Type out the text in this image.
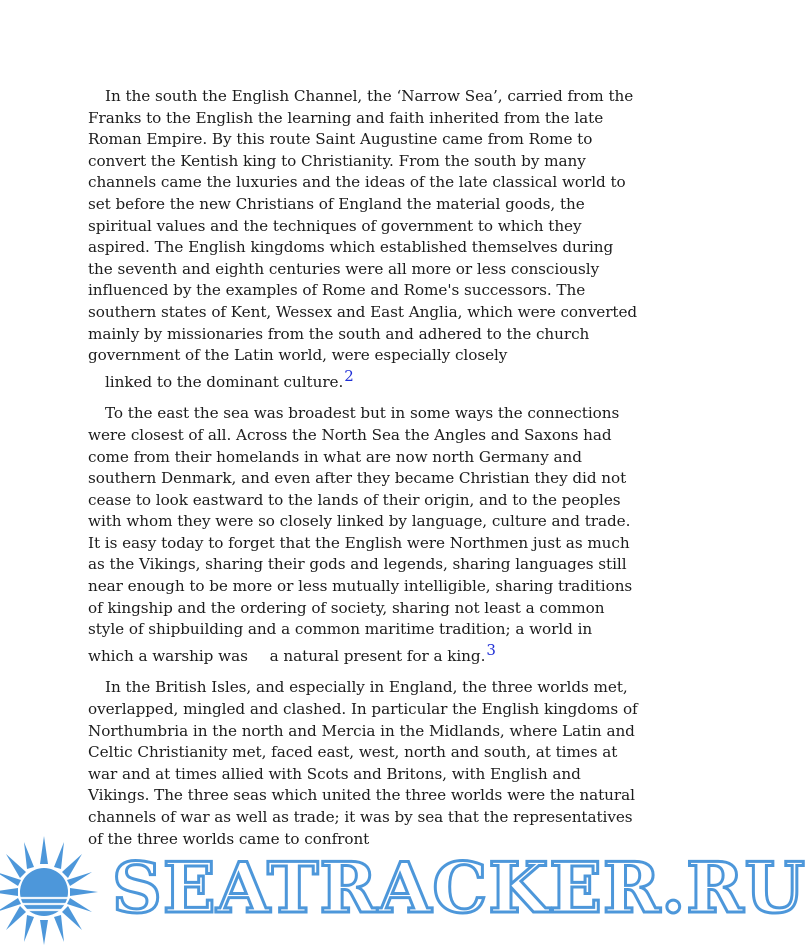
In the south the English Channel, the ‘Narrow Sea’, carried from the Franks to the English the learning and faith inherited from the late Roman Empire. By this route Saint Augustine came from Rome to convert the Kentish king to Christianity. From the south by many channels came the luxuries and the ideas of the late classical world to set before the new Christians of England the material goods, the spiritual values and the techniques of government to which they aspired. The English kingdoms which established themselves during the seventh and eighth centuries were all more or less consciously influenced by the examples of Rome and Rome's successors. The southern states of Kent, Wessex and East Anglia, which were converted mainly by missionaries from the south and adhered to the church government of the Latin world, were especially closely linked to the dominant culture.2

To the east the sea was broadest but in some ways the connections were closest of all. Across the North Sea the Angles and Saxons had come from their homelands in what are now north Germany and southern Denmark, and even after they became Christian they did not cease to look eastward to the lands of their origin, and to the peoples with whom they were so closely linked by language, culture and trade. It is easy today to forget that the English were Northmen just as much as the Vikings, sharing their gods and legends, sharing languages still near enough to be more or less mutually intelligible, sharing traditions of kingship and the ordering of society, sharing not least a common style of shipbuilding and a common maritime tradition; a world in which a warship was a natural present for a king.3

In the British Isles, and especially in England, the three worlds met, overlapped, mingled and clashed. In particular the English kingdoms of Northumbria in the north and Mercia in the Midlands, where Latin and Celtic Christianity met, faced east, west, north and south, at times at war and at times allied with Scots and Britons, with English and Vikings. The three seas which united the three worlds were the natural channels of war as well as trade; it was by sea that the representatives of the three worlds came to confront

SEATRACKER.RU
